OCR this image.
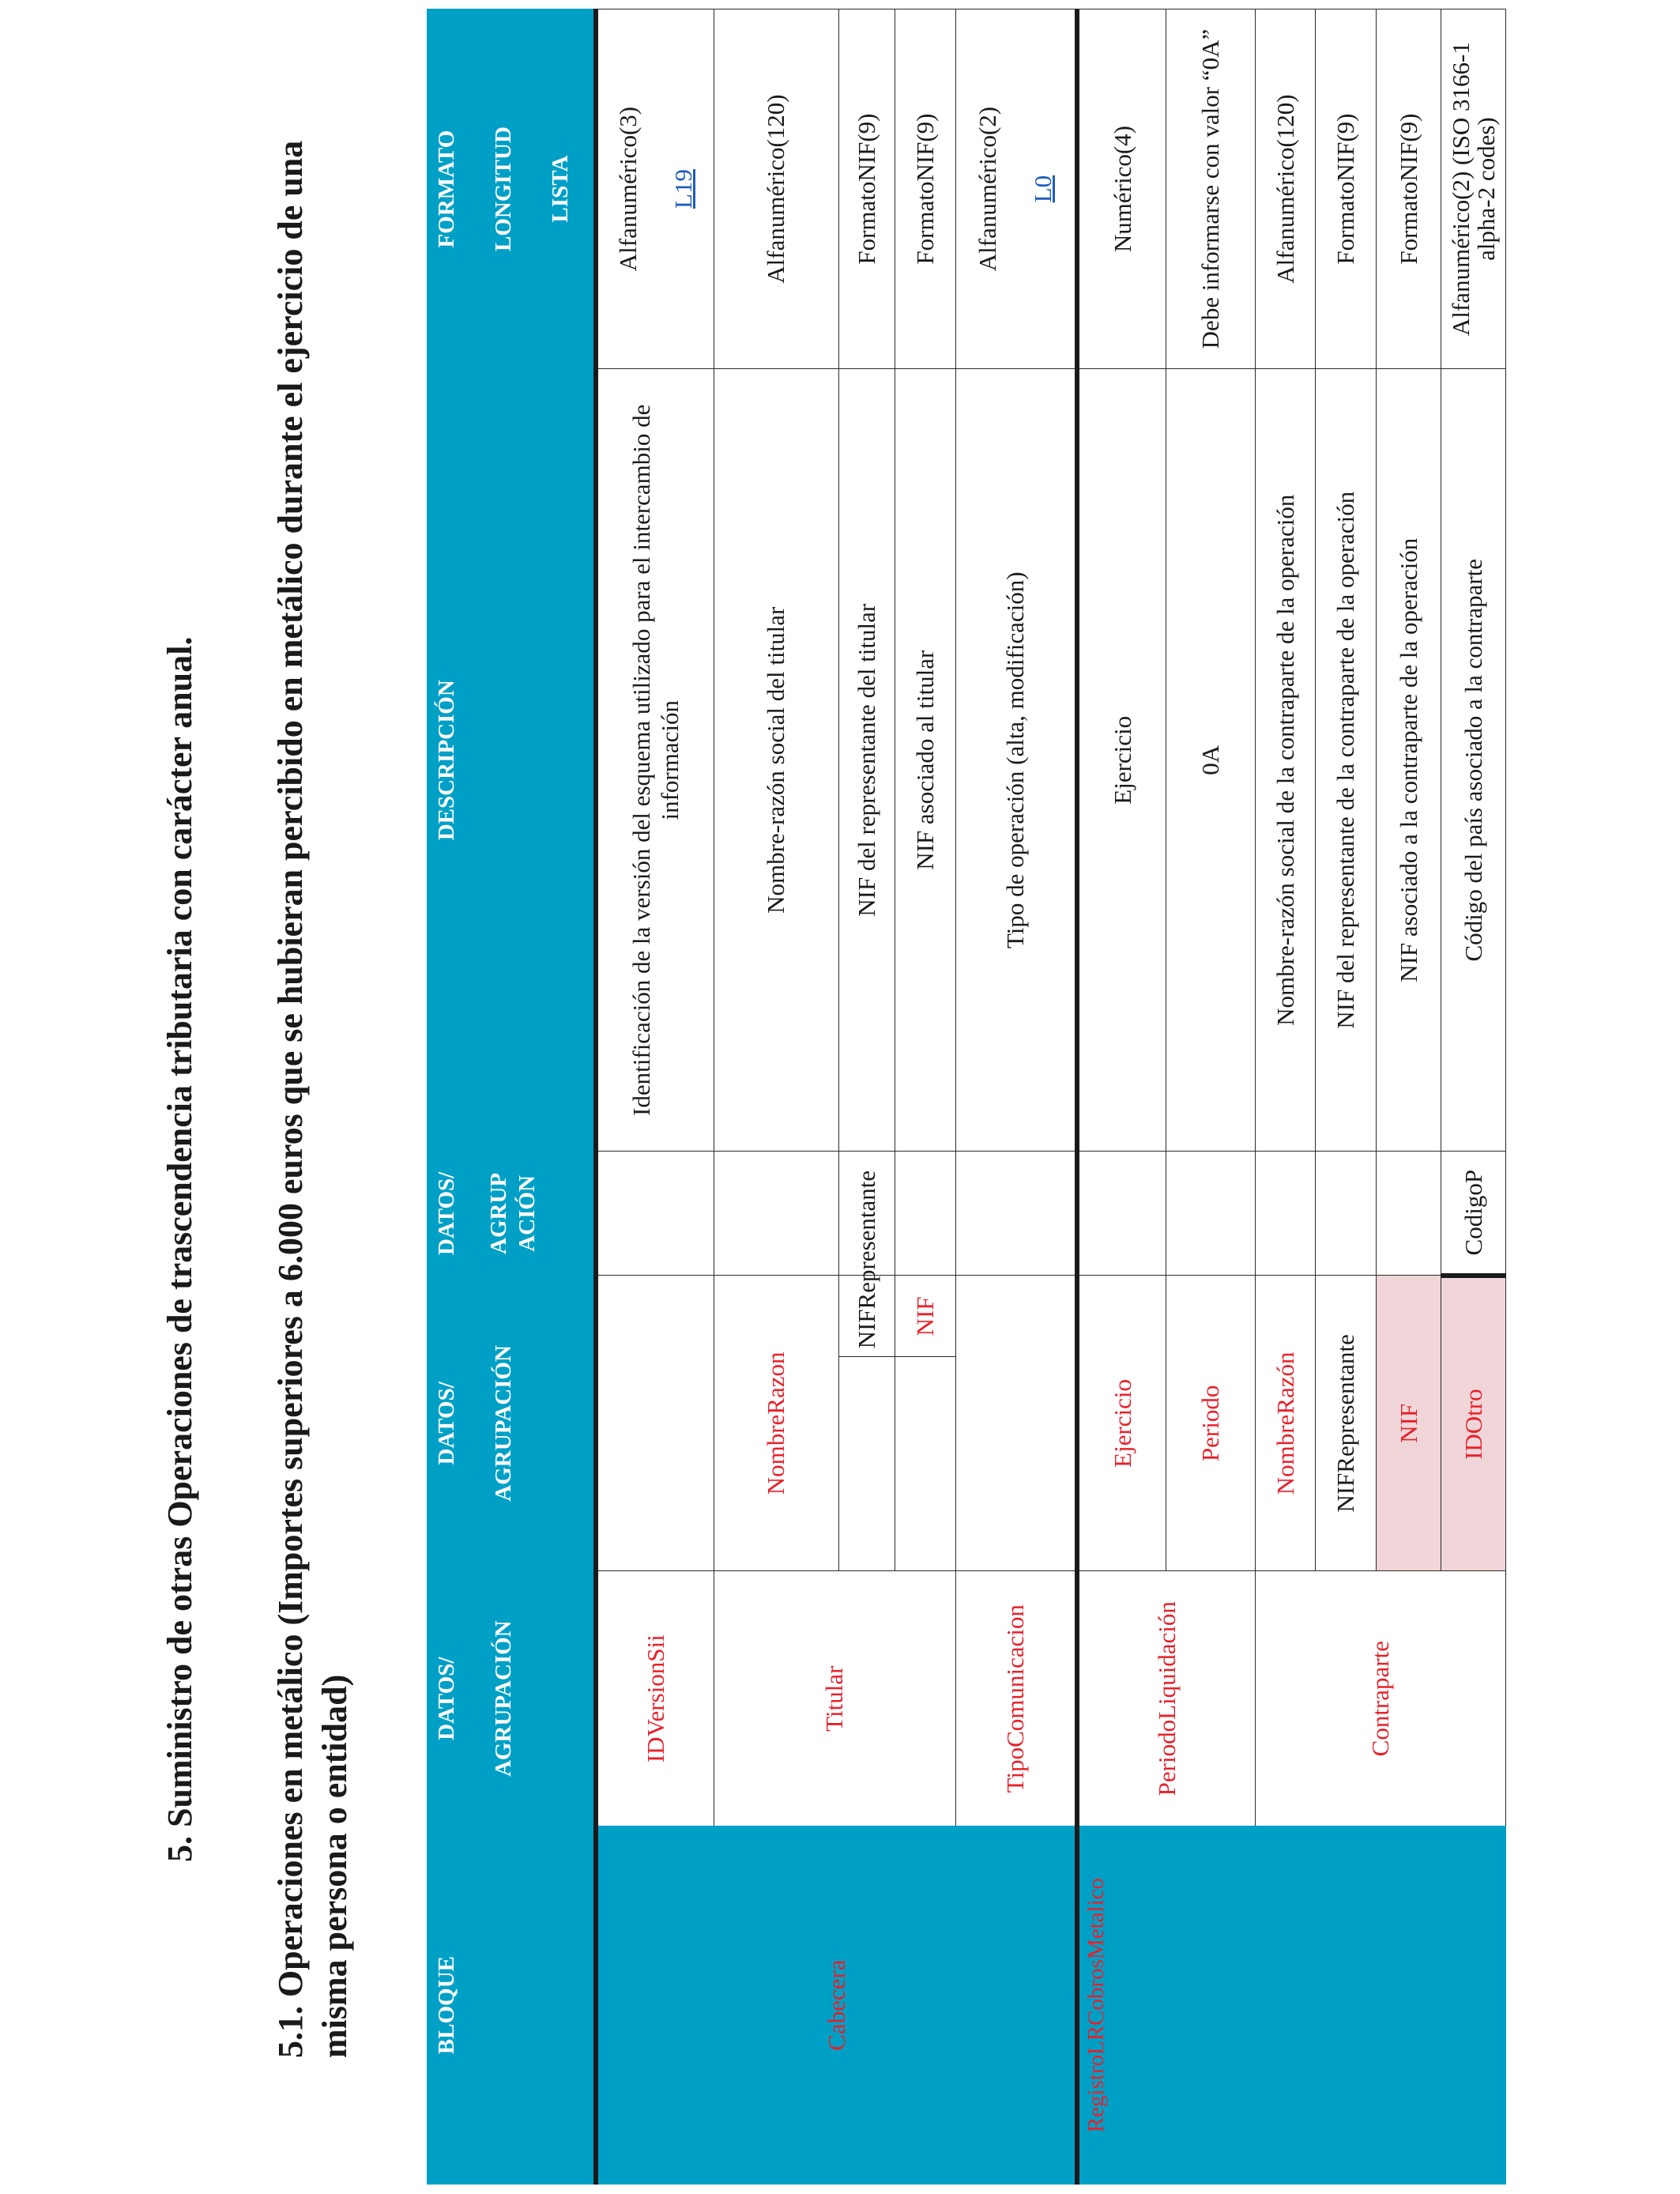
5. Suministro de otras Operaciones de trascendencia tributaria con carácter anual. 5.1. Operaciones en metálico (Importes superiores a 6.000 euros que se hubieran percibido en metálico durante el ejercicio de una misma persona o entidad)	BLOQUE	DATOS/ AGRUPACIÓN	DATOS/ AGRUPACIÓN		DATOS/ AGRUP ACIÓN	DESCRIPCIÓN	FORMATO LONGITUD LISTA

Cabecera	IDVersionSii				Identificación de la versión del esquema utilizado para el intercambio de información	Alfanumérico(3) L19

	Titular	NombreRazon			Nombre-razón social del titular	Alfanumérico(120)
			NIFRepresentante		NIF del representante del titular	FormatoNIF(9)
			NIF		NIF asociado al titular	FormatoNIF(9)
	TipoComunicacion				Tipo de operación (alta, modificación)	Alfanumérico(2) L0

RegistroLRCobrosMetalico	PeriodoLiquidación	Ejercicio			Ejercicio	Numérico(4)
		Periodo			0A	Debe informarse con valor “0A”
	Contraparte	NombreRazón			Nombre-razón social de la contraparte de la operación	Alfanumérico(120)
		NIFRepresentante			NIF del representante de la contraparte de la operación	FormatoNIF(9)
		NIF			NIF asociado a la contraparte de la operación	FormatoNIF(9)
		IDOtro		CodigoP	Código del país asociado a la contraparte	Alfanumérico(2) (ISO 3166-1 alpha-2 codes)
